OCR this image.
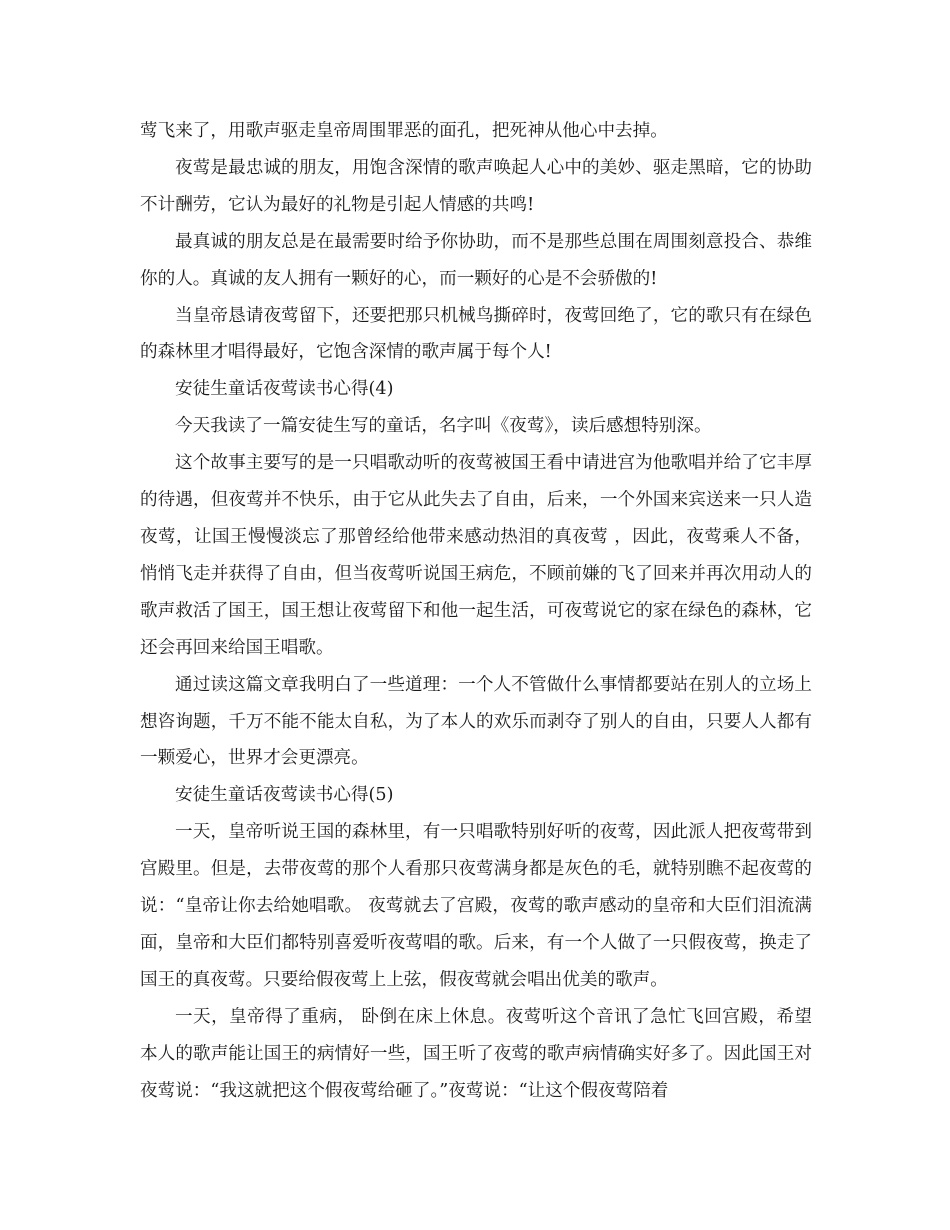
莺飞来了，用歌声驱走皇帝周围罪恶的面孔，把死神从他心中去掉。

夜莺是最忠诚的朋友，用饱含深情的歌声唤起人心中的美妙、驱走黑暗，它的协助不计酬劳，它认为最好的礼物是引起人情感的共鸣!

最真诚的朋友总是在最需要时给予你协助，而不是那些总围在周围刻意投合、恭维你的人。真诚的友人拥有一颗好的心，而一颗好的心是不会骄傲的!

当皇帝恳请夜莺留下，还要把那只机械鸟撕碎时，夜莺回绝了，它的歌只有在绿色的森林里才唱得最好，它饱含深情的歌声属于每个人!

安徒生童话夜莺读书心得(4)

今天我读了一篇安徒生写的童话，名字叫《夜莺》，读后感想特别深。

这个故事主要写的是一只唱歌动听的夜莺被国王看中请进宫为他歌唱并给了它丰厚的待遇，但夜莺并不快乐，由于它从此失去了自由，后来，一个外国来宾送来一只人造夜莺，让国王慢慢淡忘了那曾经给他带来感动热泪的真夜莺 ，因此，夜莺乘人不备，悄悄飞走并获得了自由，但当夜莺听说国王病危，不顾前嫌的飞了回来并再次用动人的歌声救活了国王，国王想让夜莺留下和他一起生活，可夜莺说它的家在绿色的森林，它还会再回来给国王唱歌。

通过读这篇文章我明白了一些道理：一个人不管做什么事情都要站在别人的立场上想咨询题，千万不能不能太自私，为了本人的欢乐而剥夺了别人的自由，只要人人都有一颗爱心，世界才会更漂亮。

安徒生童话夜莺读书心得(5)

一天，皇帝听说王国的森林里，有一只唱歌特别好听的夜莺，因此派人把夜莺带到宫殿里。但是，去带夜莺的那个人看那只夜莺满身都是灰色的毛，就特别瞧不起夜莺的说：“皇帝让你去给她唱歌。 夜莺就去了宫殿，夜莺的歌声感动的皇帝和大臣们泪流满面，皇帝和大臣们都特别喜爱听夜莺唱的歌。后来，有一个人做了一只假夜莺，换走了国王的真夜莺。只要给假夜莺上上弦，假夜莺就会唱出优美的歌声。

一天，皇帝得了重病， 卧倒在床上休息。夜莺听这个音讯了急忙飞回宫殿，希望本人的歌声能让国王的病情好一些，国王听了夜莺的歌声病情确实好多了。因此国王对夜莺说：“我这就把这个假夜莺给砸了。”夜莺说：“让这个假夜莺陪着
